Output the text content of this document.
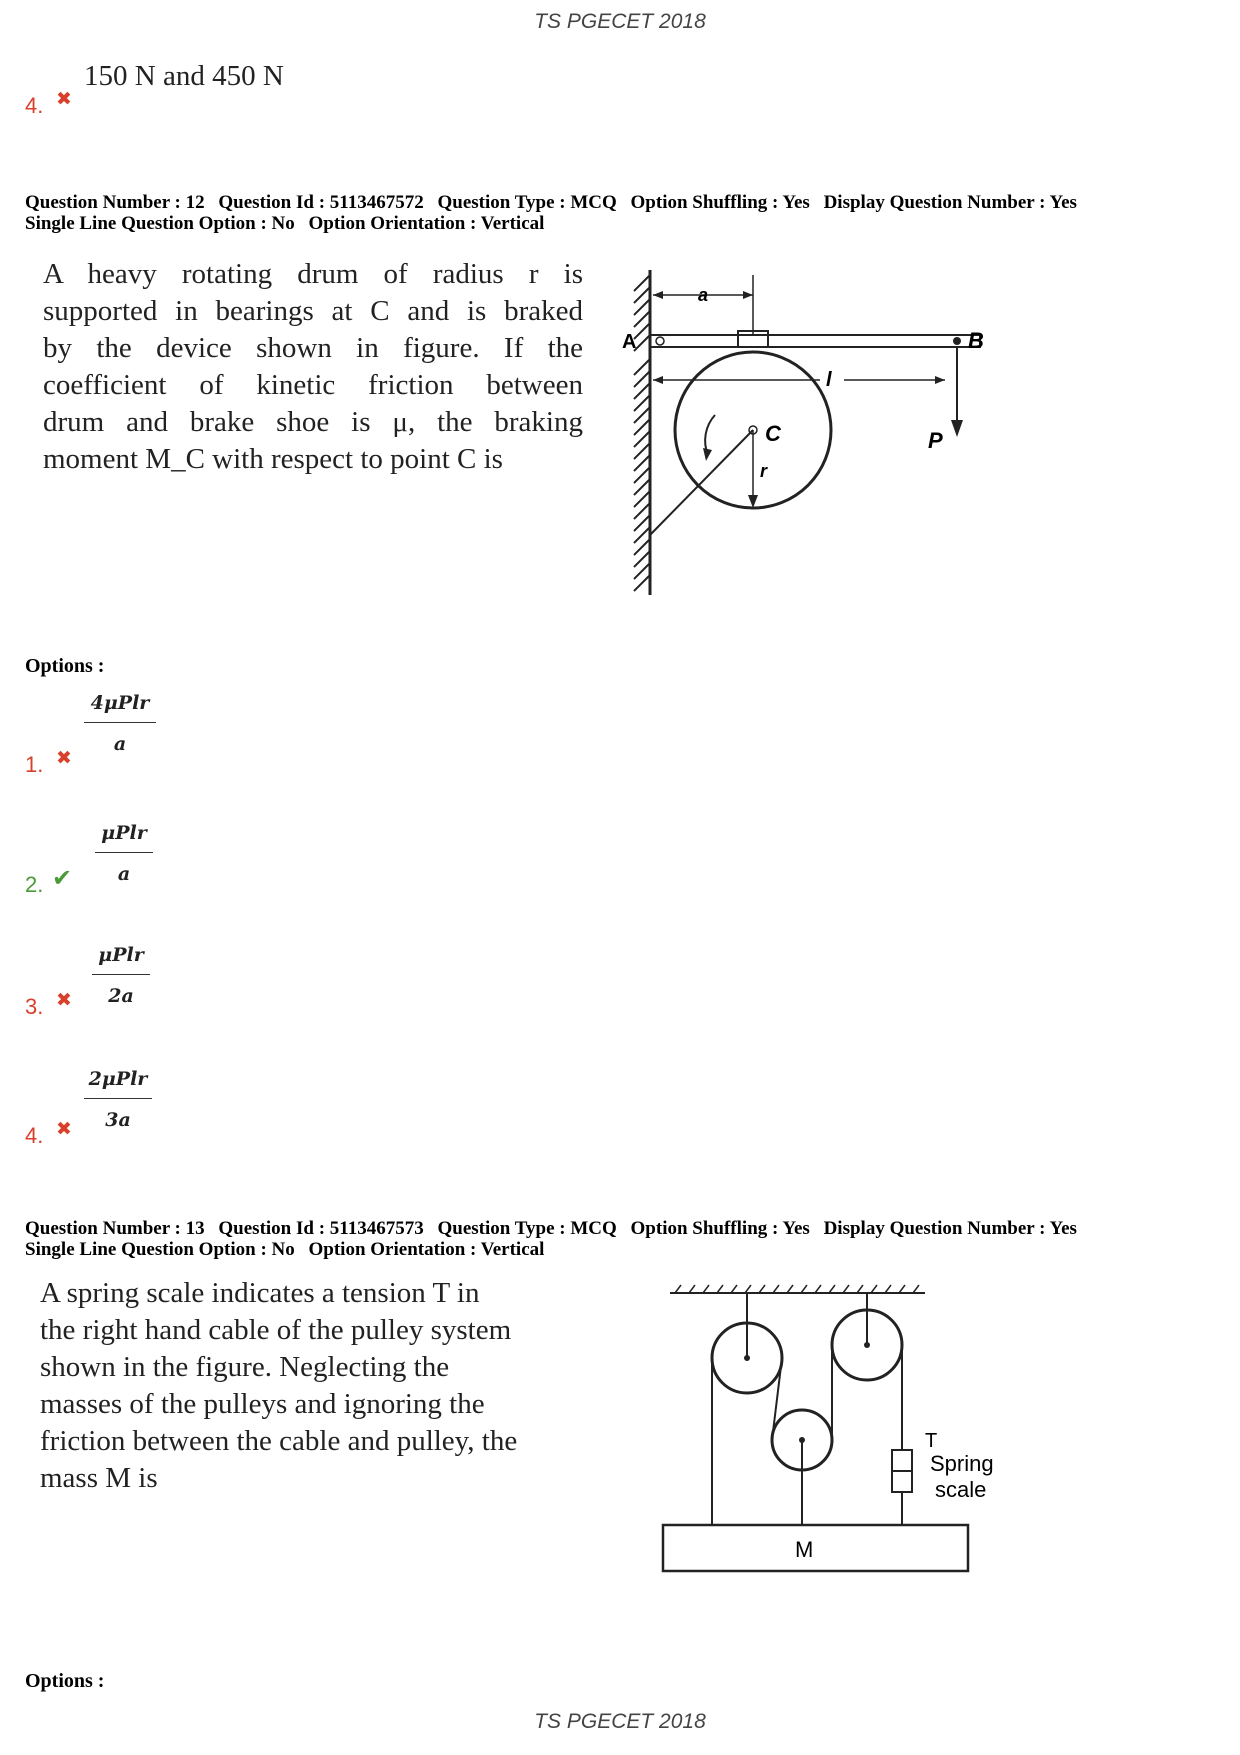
TS PGECET 2018
150 N and 450 N
4. ✖
Question Number : 12 Question Id : 5113467572 Question Type : MCQ Option Shuffling : Yes Display Question Number : Yes
Single Line Question Option : No Option Orientation : Vertical
A heavy rotating drum of radius r is
supported in bearings at C and is braked
by the device shown in figure. If the
coefficient of kinetic friction between
drum and brake shoe is μ, the braking
moment M_C with respect to point C is
a
A	B
l
C
r
P
Options :
4μPlr
a
1. ✖
μPlr
a
2. ✔
μPlr
2a
3. ✖
2μPlr
3a
4. ✖
Question Number : 13 Question Id : 5113467573 Question Type : MCQ Option Shuffling : Yes Display Question Number : Yes
Single Line Question Option : No Option Orientation : Vertical
A spring scale indicates a tension T in
the right hand cable of the pulley system
shown in the figure. Neglecting the
masses of the pulleys and ignoring the
friction between the cable and pulley, the
mass M is
T
Spring
scale
M
Options :
TS PGECET 2018
